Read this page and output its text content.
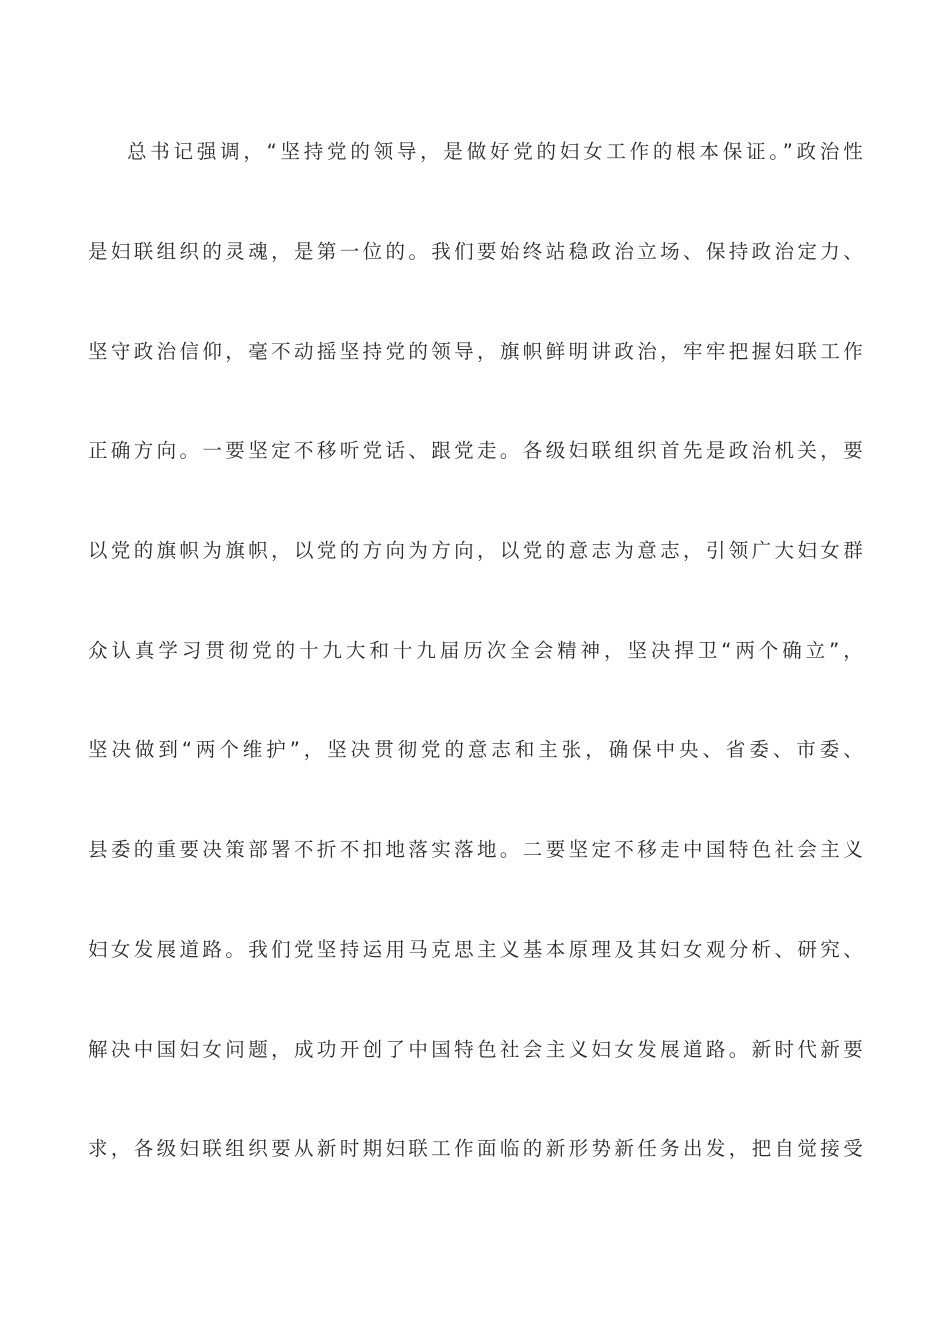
总书记强调，“坚持党的领导，是做好党的妇女工作的根本保证。”政治性
是妇联组织的灵魂，是第一位的。我们要始终站稳政治立场、保持政治定力、
坚守政治信仰，毫不动摇坚持党的领导，旗帜鲜明讲政治，牢牢把握妇联工作
正确方向。一要坚定不移听党话、跟党走。各级妇联组织首先是政治机关，要
以党的旗帜为旗帜，以党的方向为方向，以党的意志为意志，引领广大妇女群
众认真学习贯彻党的十九大和十九届历次全会精神，坚决捍卫“两个确立”，
坚决做到“两个维护”，坚决贯彻党的意志和主张，确保中央、省委、市委、
县委的重要决策部署不折不扣地落实落地。二要坚定不移走中国特色社会主义
妇女发展道路。我们党坚持运用马克思主义基本原理及其妇女观分析、研究、
解决中国妇女问题，成功开创了中国特色社会主义妇女发展道路。新时代新要
求，各级妇联组织要从新时期妇联工作面临的新形势新任务出发，把自觉接受
